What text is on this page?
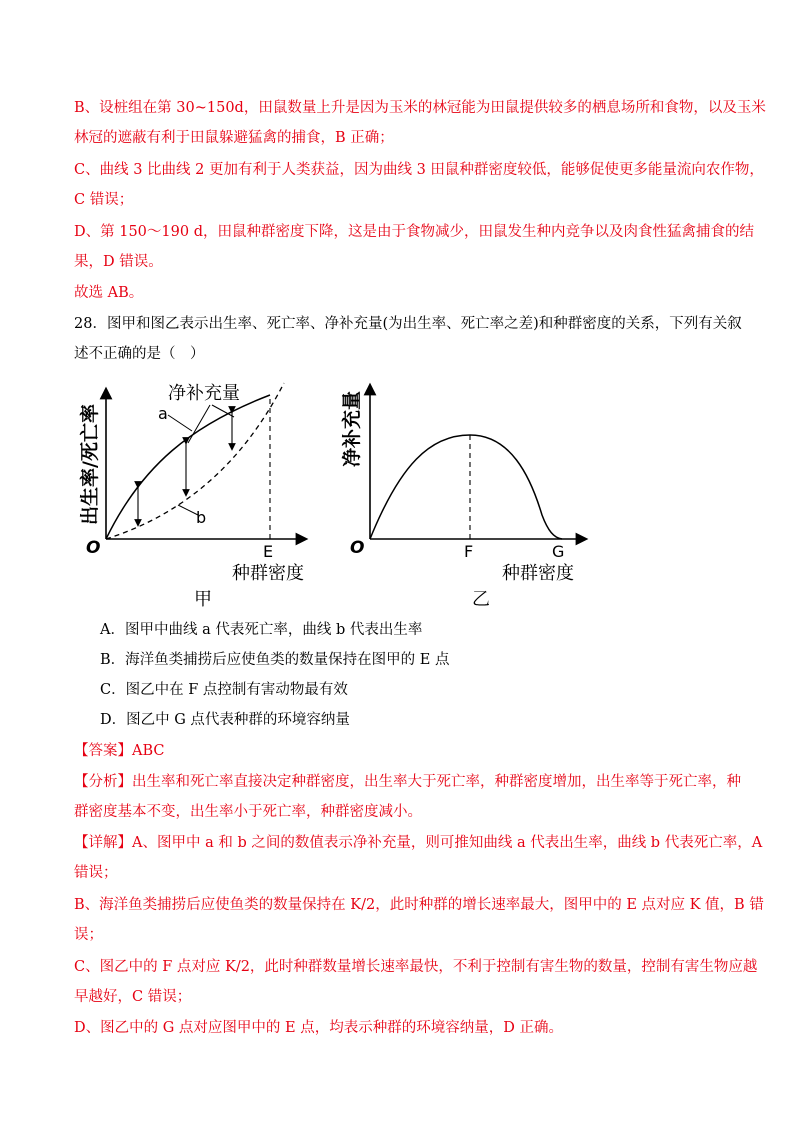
B、设桩组在第 30~150d，田鼠数量上升是因为玉米的林冠能为田鼠提供较多的栖息场所和食物，以及玉米
林冠的遮蔽有利于田鼠躲避猛禽的捕食，B 正确；
C、曲线 3 比曲线 2 更加有利于人类获益，因为曲线 3 田鼠种群密度较低，能够促使更多能量流向农作物，
C 错误；
D、第 150～190 d，田鼠种群密度下降，这是由于食物减少，田鼠发生种内竞争以及肉食性猛禽捕食的结
果，D 错误。
故选 AB。
28．图甲和图乙表示出生率、死亡率、净补充量(为出生率、死亡率之差)和种群密度的关系，下列有关叙
述不正确的是（　）
净补充量
a
b
O	E
种群密度
出生率/死亡率
甲
净补充量
O	F	G
种群密度
乙
A．图甲中曲线 a 代表死亡率，曲线 b 代表出生率
B．海洋鱼类捕捞后应使鱼类的数量保持在图甲的 E 点
C．图乙中在 F 点控制有害动物最有效
D．图乙中 G 点代表种群的环境容纳量
【答案】ABC
【分析】出生率和死亡率直接决定种群密度，出生率大于死亡率，种群密度增加，出生率等于死亡率，种
群密度基本不变，出生率小于死亡率，种群密度减小。
【详解】A、图甲中 a 和 b 之间的数值表示净补充量，则可推知曲线 a 代表出生率，曲线 b 代表死亡率，A
错误；
B、海洋鱼类捕捞后应使鱼类的数量保持在 K/2，此时种群的增长速率最大，图甲中的 E 点对应 K 值，B 错
误；
C、图乙中的 F 点对应 K/2，此时种群数量增长速率最快，不利于控制有害生物的数量，控制有害生物应越
早越好，C 错误；
D、图乙中的 G 点对应图甲中的 E 点，均表示种群的环境容纳量，D 正确。
